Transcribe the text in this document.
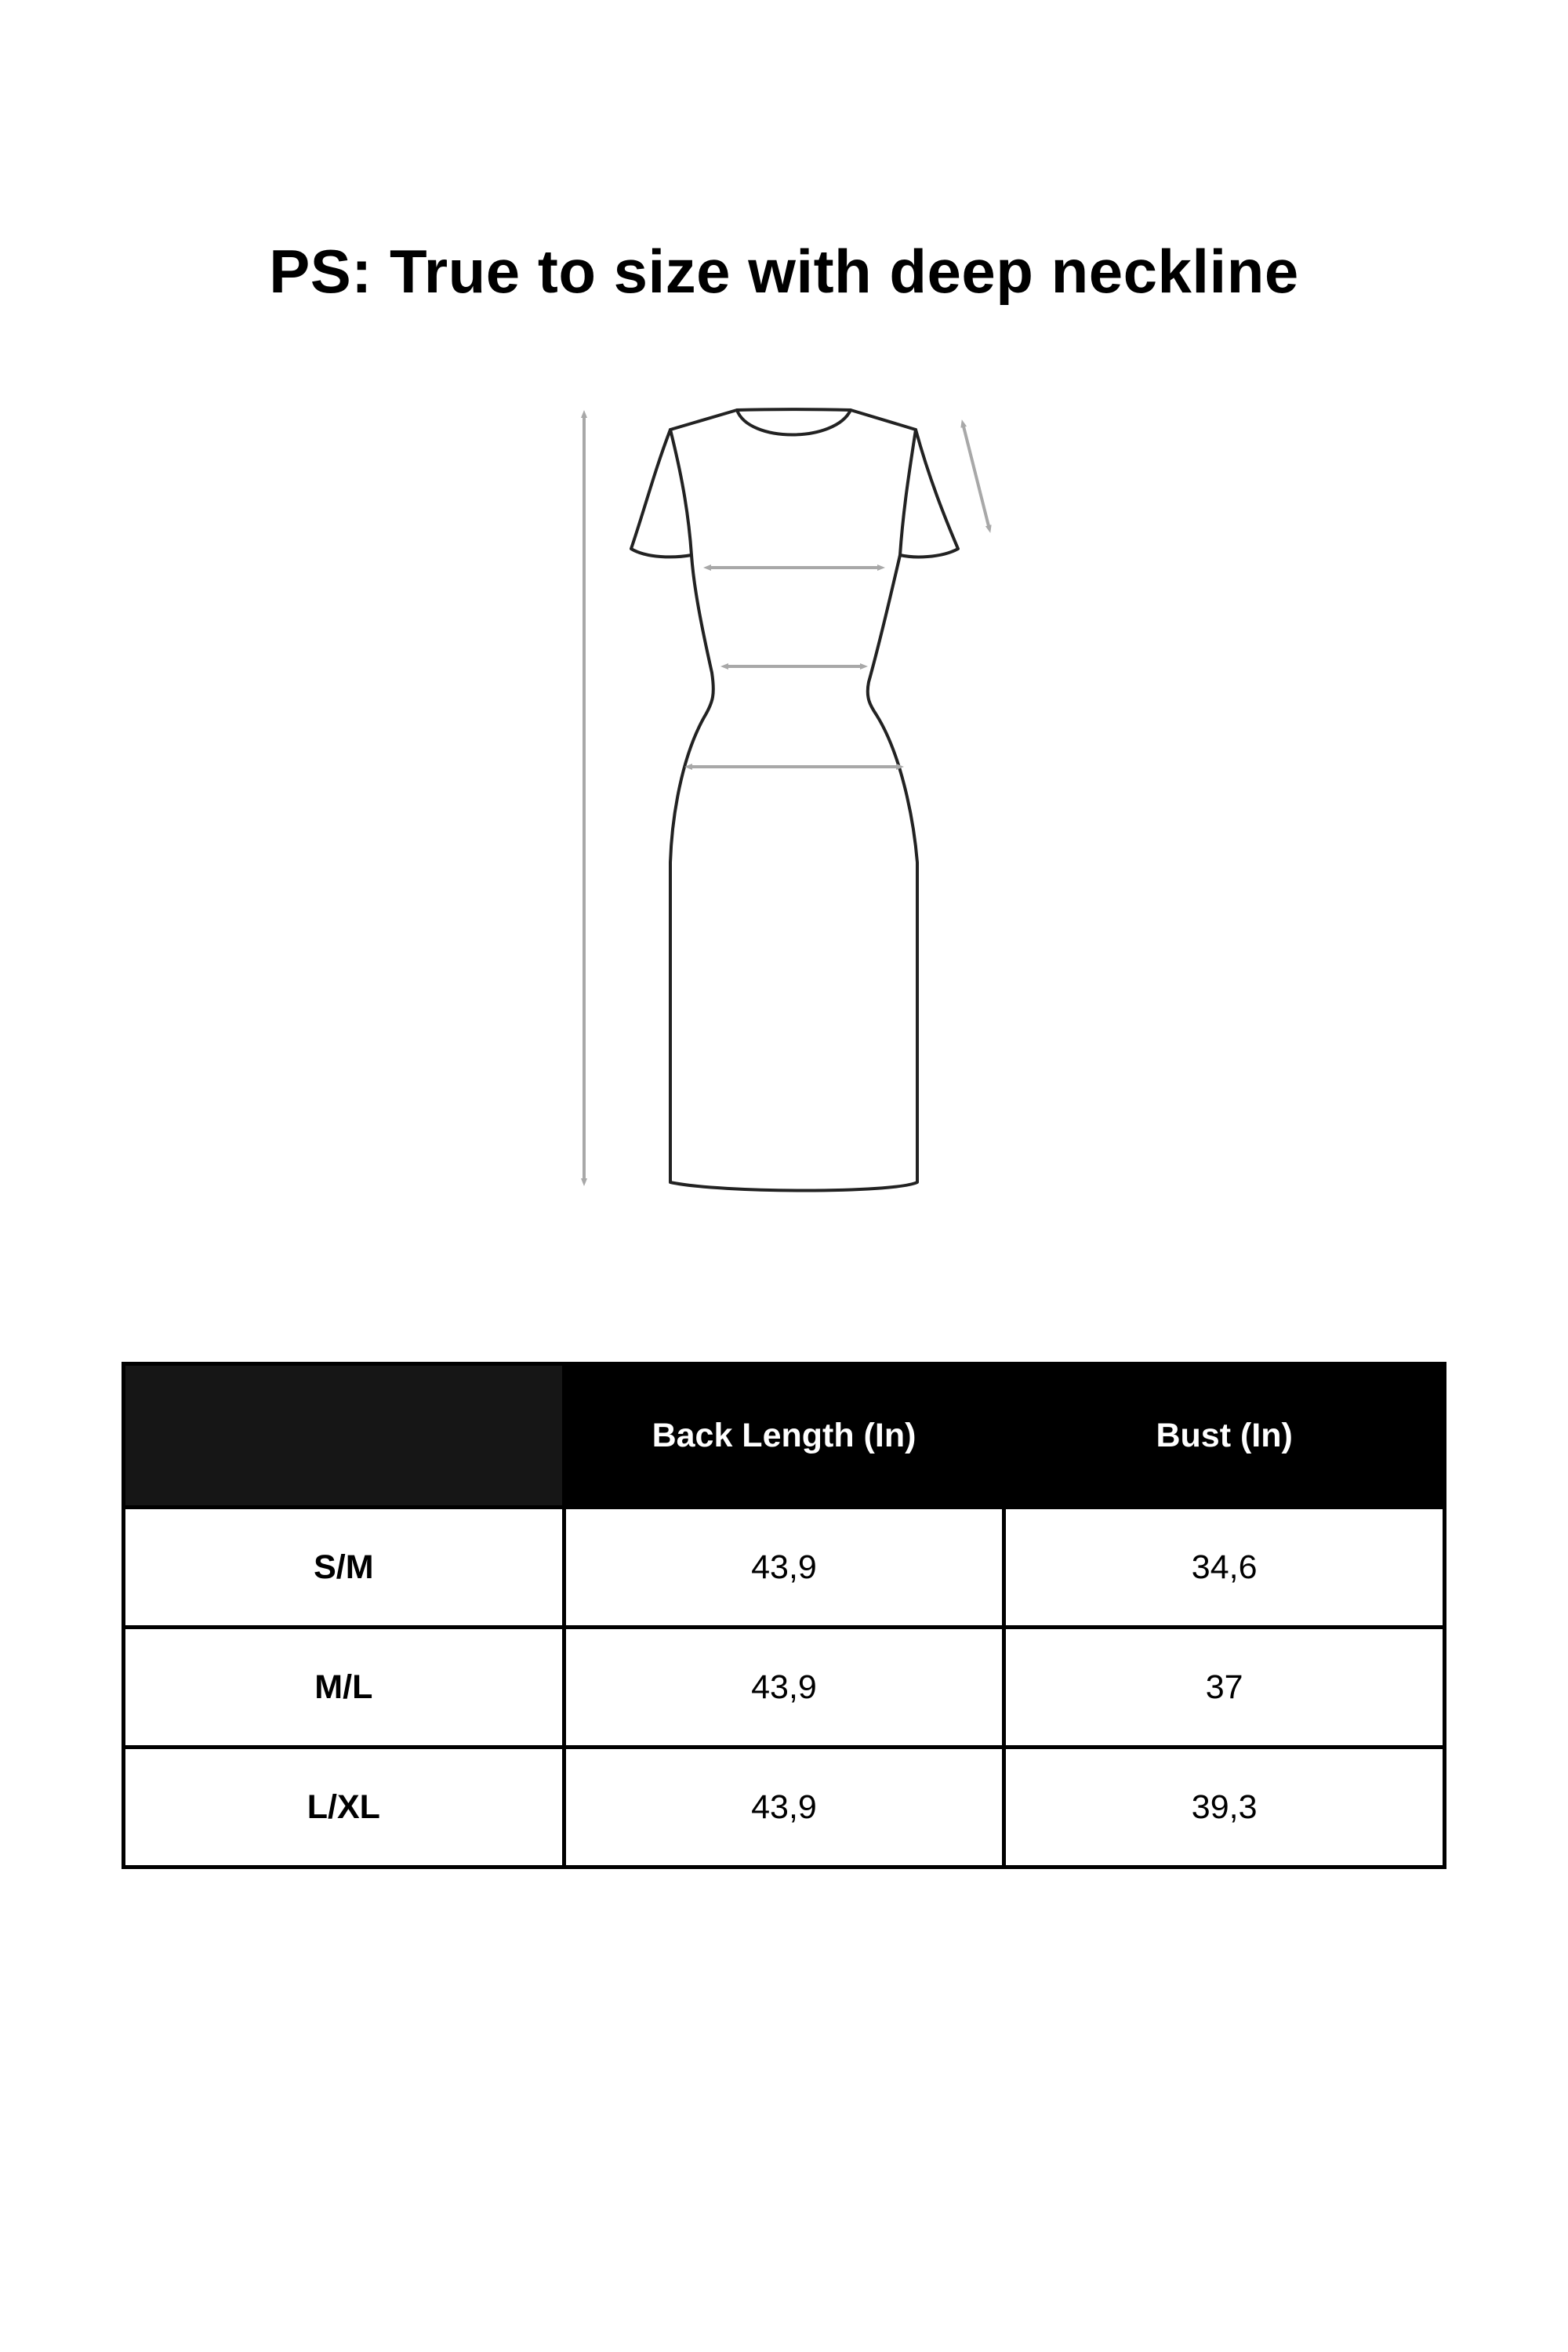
PS: True to size with deep neckline
	Back Length (In)	Bust (In)
S/M	43,9	34,6
M/L	43,9	37
L/XL	43,9	39,3
